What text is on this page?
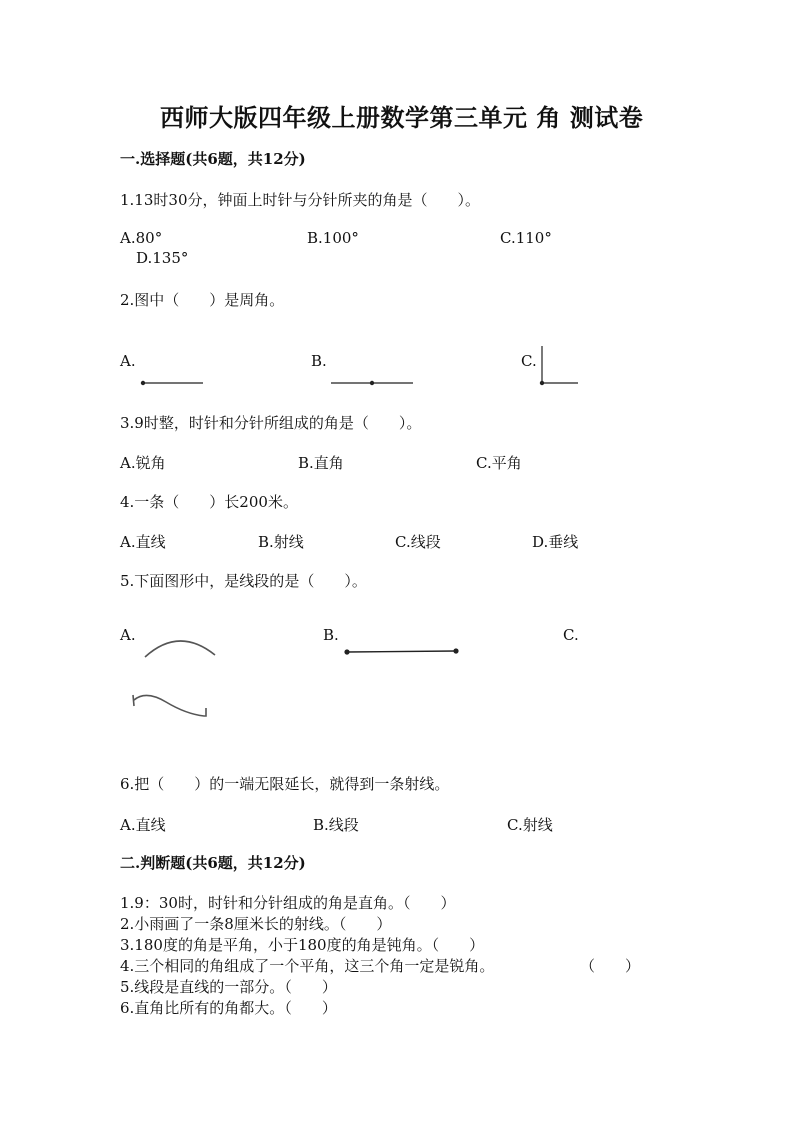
西师大版四年级上册数学第三单元 角 测试卷
一.选择题(共6题，共12分)
1.13时30分，钟面上时针与分针所夹的角是（　　）。
A.80°	B.100°	C.110°
D.135°
2.图中（　　）是周角。
A.	B.	C.
3.9时整，时针和分针所组成的角是（　　）。
A.锐角	B.直角	C.平角
4.一条（　　）长200米。
A.直线	B.射线	C.线段	D.垂线
5.下面图形中，是线段的是（　　）。
A.	B.	C.
6.把（　　）的一端无限延长，就得到一条射线。
A.直线	B.线段	C.射线
二.判断题(共6题，共12分)
1.9：30时，时针和分针组成的角是直角。（　　）
2.小雨画了一条8厘米长的射线。（　　）
3.180度的角是平角，小于180度的角是钝角。（　　）
4.三个相同的角组成了一个平角，这三个角一定是锐角。	（　　）
5.线段是直线的一部分。（　　）
6.直角比所有的角都大。（　　）
